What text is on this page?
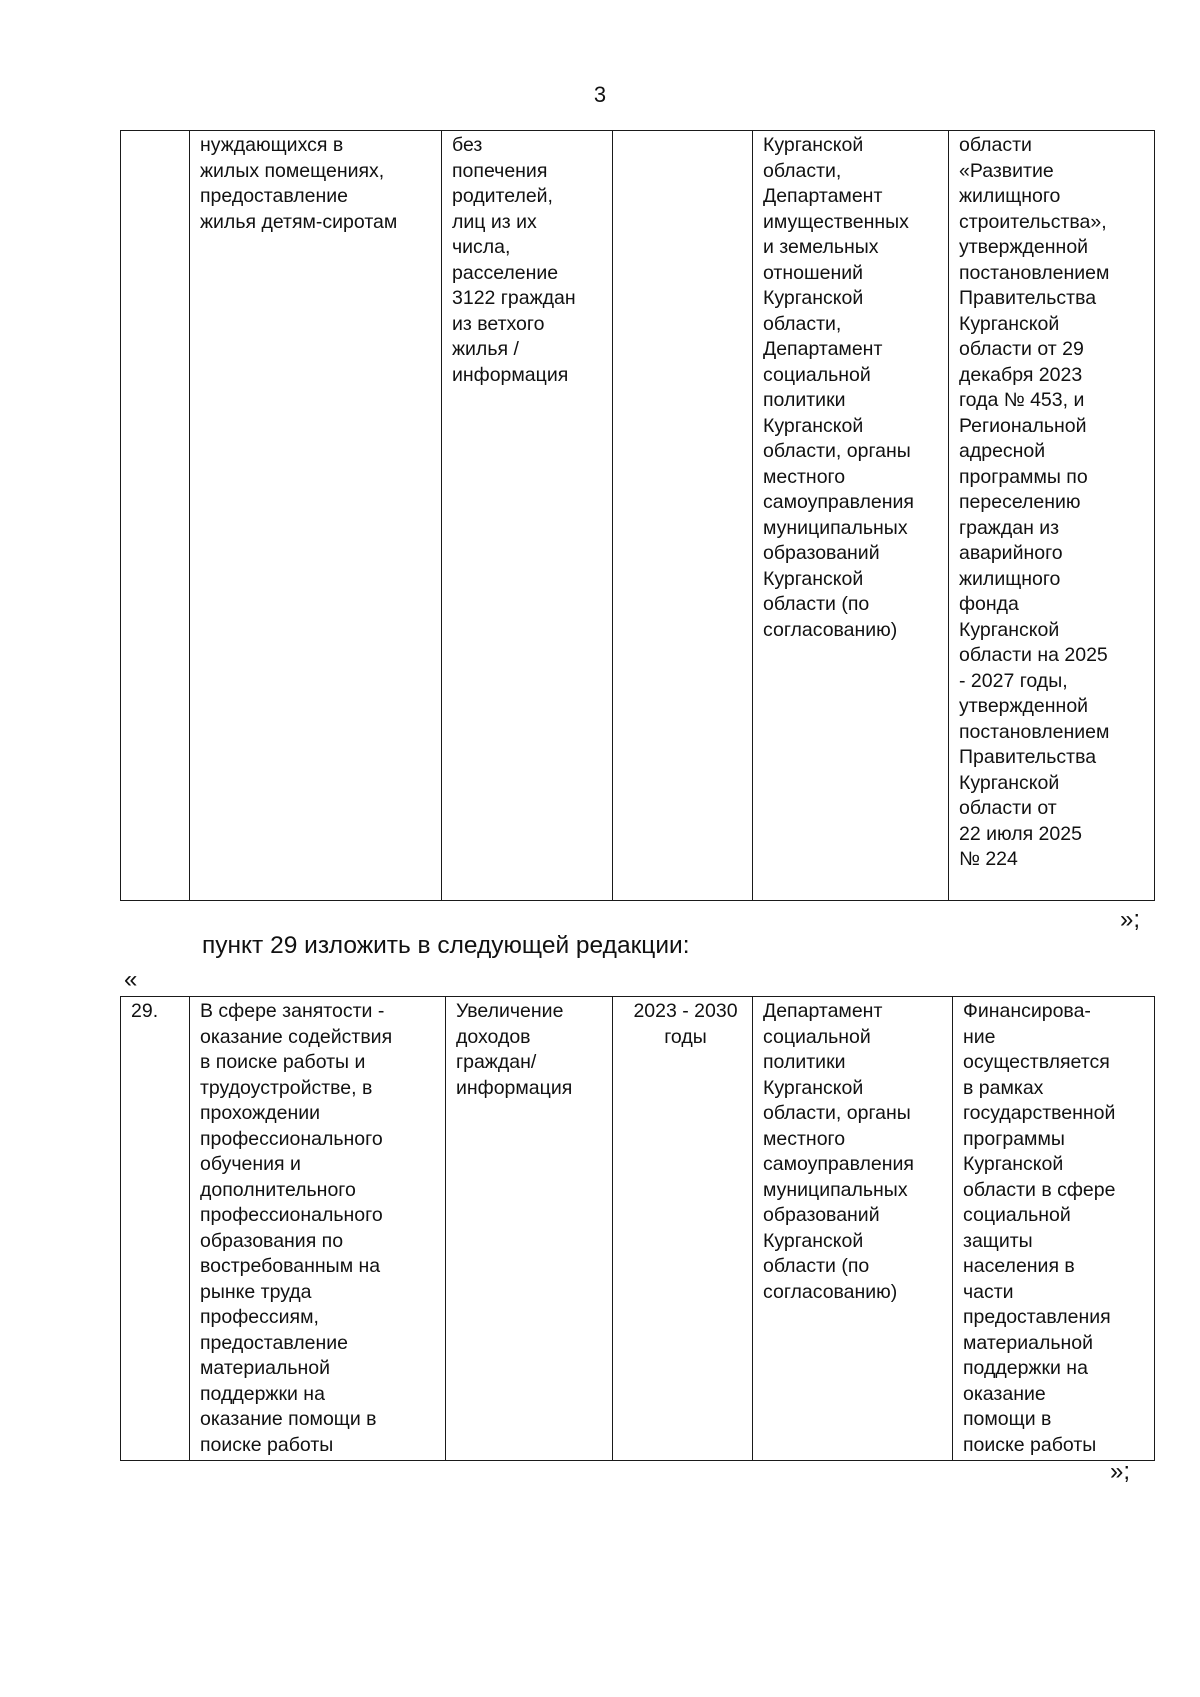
3
	нуждающихся в
жилых помещениях,
предоставление
жилья детям-сиротам	без
попечения
родителей,
лиц из их
числа,
расселение
3122 граждан
из ветхого
жилья /
информация		Курганской
области,
Департамент
имущественных
и земельных
отношений
Курганской
области,
Департамент
социальной
политики
Курганской
области, органы
местного
самоуправления
муниципальных
образований
Курганской
области (по
согласованию)	области
«Развитие
жилищного
строительства»,
утвержденной
постановлением
Правительства
Курганской
области от 29
декабря 2023
года № 453, и
Региональной
адресной
программы по
переселению
граждан из
аварийного
жилищного
фонда
Курганской
области на 2025
- 2027 годы,
утвержденной
постановлением
Правительства
Курганской
области от
22 июля 2025
№ 224
»;
пункт 29 изложить в следующей редакции:
«
29.	В сфере занятости -
оказание содействия
в поиске работы и
трудоустройстве, в
прохождении
профессионального
обучения и
дополнительного
профессионального
образования по
востребованным на
рынке труда
профессиям,
предоставление
материальной
поддержки на
оказание помощи в
поиске работы	Увеличение
доходов
граждан/
информация	2023 - 2030
годы	Департамент
социальной
политики
Курганской
области, органы
местного
самоуправления
муниципальных
образований
Курганской
области (по
согласованию)	Финансирова-
ние
осуществляется
в рамках
государственной
программы
Курганской
области в сфере
социальной
защиты
населения в
части
предоставления
материальной
поддержки на
оказание
помощи в
поиске работы
»;
